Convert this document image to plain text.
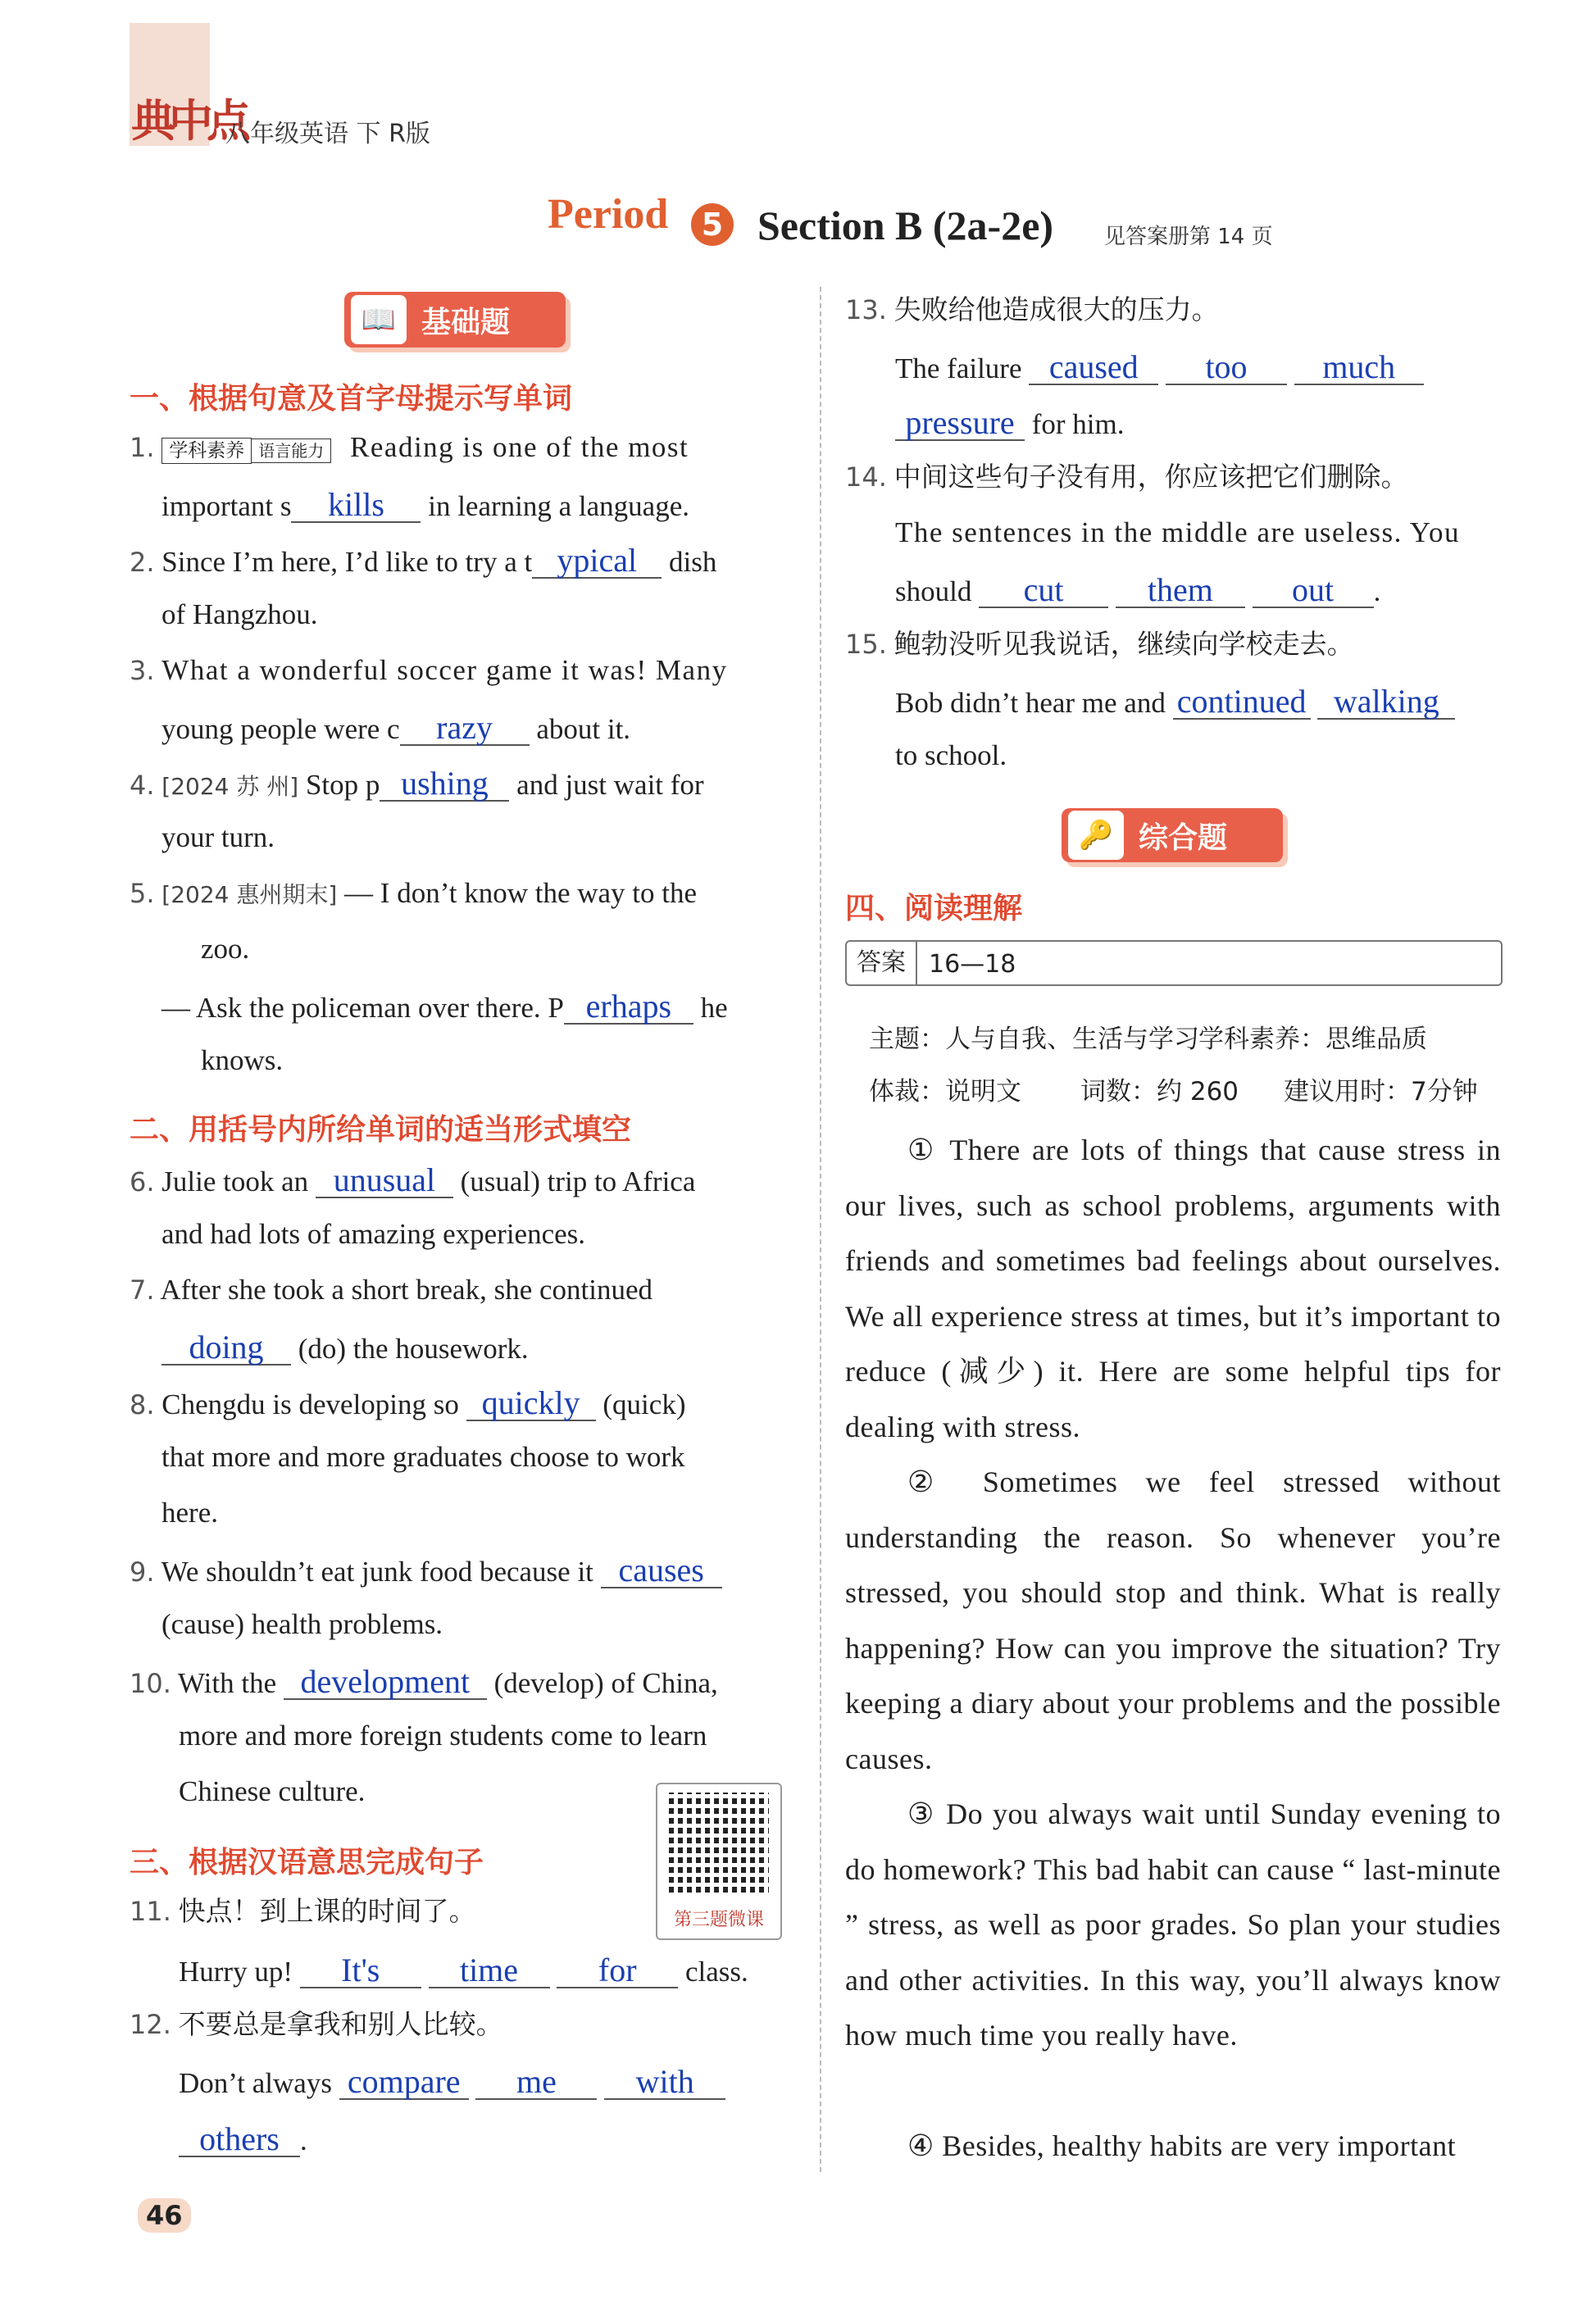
典中点
八年级英语 下 R版
Period	5 Section B (2a-2e) 见答案册第 14 页
📖 基础题
一、根据句意及首字母提示写单词
1. 学科素养 语言能力 Reading is one of the most
important s kills in learning a language.
2. Since I’m here, I’d like to try a t ypical dish
of Hangzhou.
3. What a wonderful soccer game it was! Many
young people were c razy about it.
4. [2024 苏 州] Stop p ushing and just wait for
your turn.
5. [2024 惠州期末] — I don’t know the way to the
zoo.
— Ask the policeman over there. P erhaps he
knows.
二、用括号内所给单词的适当形式填空
6. Julie took an unusual (usual) trip to Africa
and had lots of amazing experiences.
7. After she took a short break, she continued
doing (do) the housework.
8. Chengdu is developing so quickly (quick)
that more and more graduates choose to work
here.
9. We shouldn’t eat junk food because it causes
(cause) health problems.
10. With the development (develop) of China,
more and more foreign students come to learn
Chinese culture.
第三题微课
三、根据汉语意思完成句子
11. 快点！到上课的时间了。
Hurry up! It's time for class.
12. 不要总是拿我和别人比较。
Don’t always compare me with
others .
13. 失败给他造成很大的压力。
The failure caused too much
pressure for him.
14. 中间这些句子没有用，你应该把它们删除。
The sentences in the middle are useless. You
should cut	them out .
15. 鲍勃没听见我说话，继续向学校走去。
Bob didn’t hear me and continued walking
to school.
🔑 综合题
四、阅读理解
答案 16—18
主题：人与自我、生活与学习 学科素养：思维品质
体裁：说明文 词数：约 260 建议用时：7分钟
① There are lots of things that cause stress in our lives, such as school problems, arguments with friends and sometimes bad feelings about ourselves. We all experience stress at times, but it’s important to reduce (减少) it. Here are some helpful tips for dealing with stress.
② Sometimes we feel stressed without understanding the reason. So whenever you’re stressed, you should stop and think. What is really happening? How can you improve the situation? Try keeping a diary about your problems and the possible causes.
③ Do you always wait until Sunday evening to do homework? This bad habit can cause “ last-minute ” stress, as well as poor grades. So plan your studies and other activities. In this way, you’ll always know how much time you really have.
④ Besides, healthy habits are very important
46
